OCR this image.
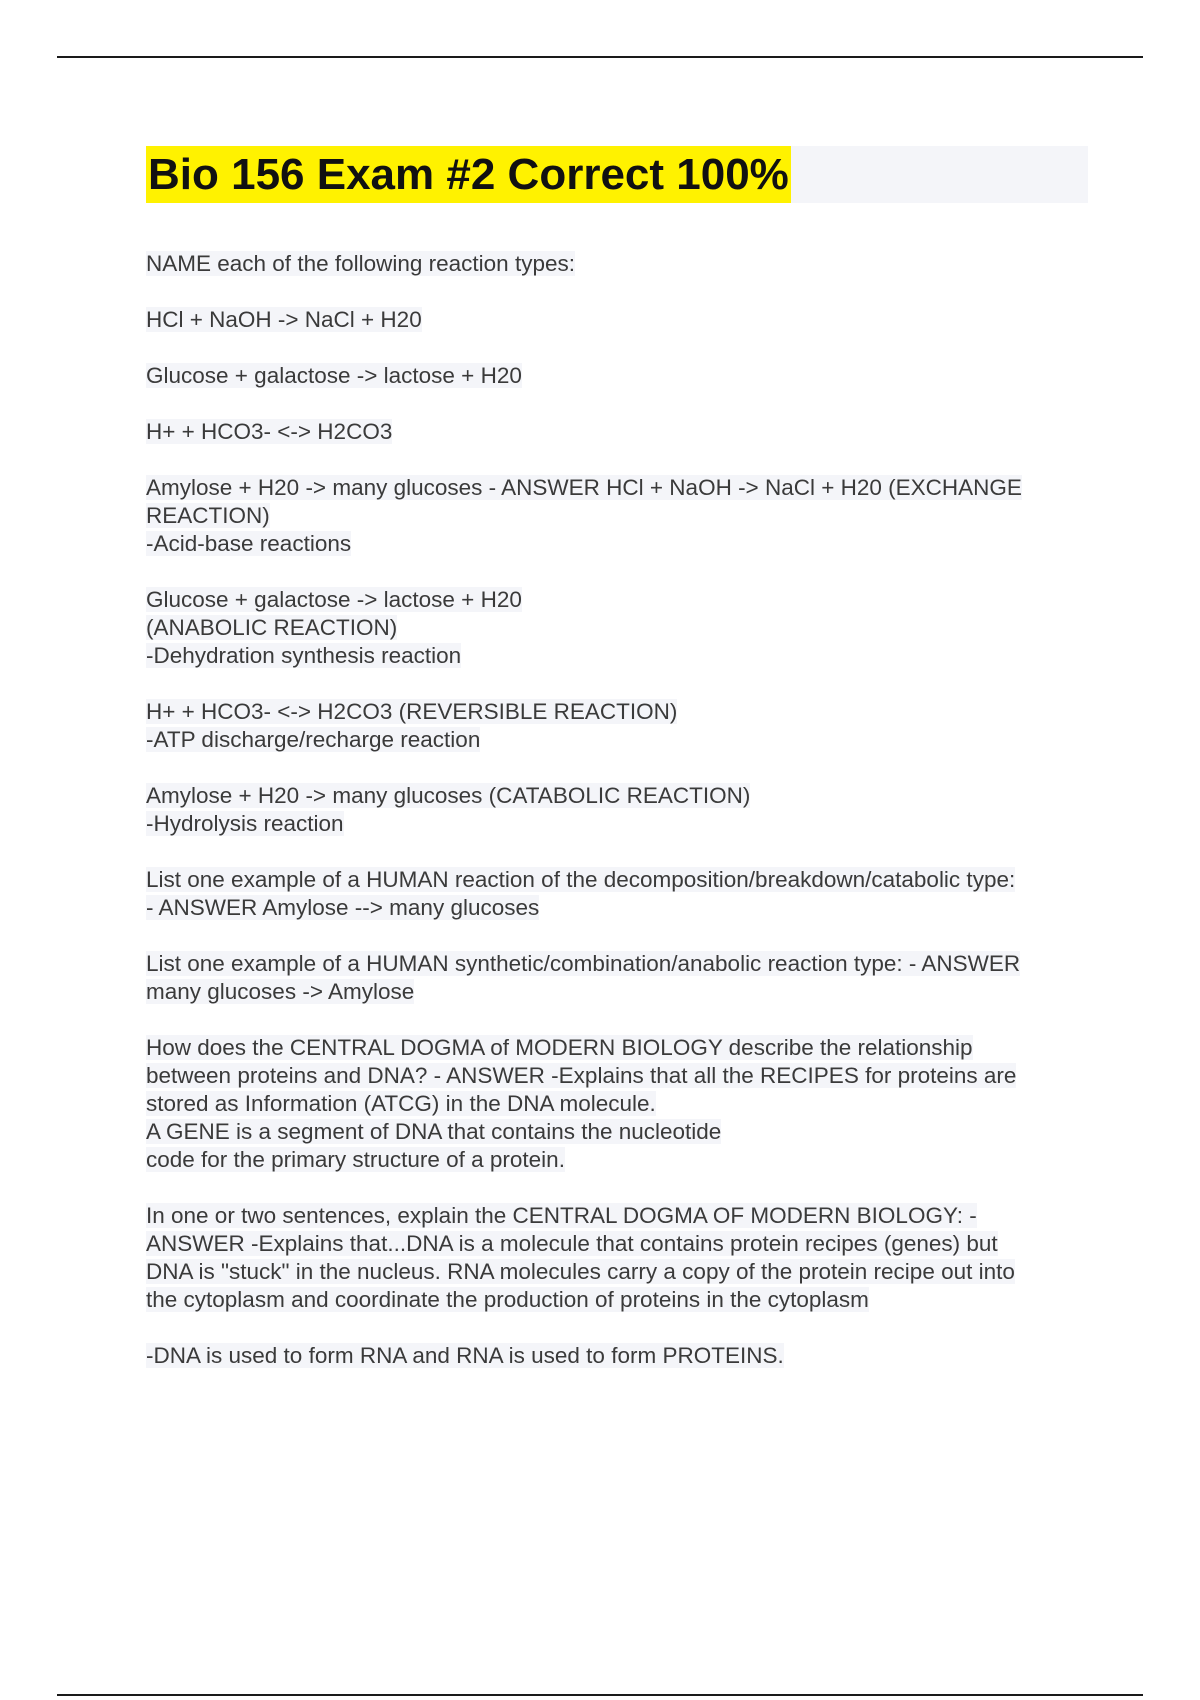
Bio 156 Exam #2 Correct 100%

NAME each of the following reaction types:

HCl + NaOH -> NaCl + H20

Glucose + galactose -> lactose + H20

H+ + HCO3- <-> H2CO3

Amylose + H20 -> many glucoses - ANSWER HCl + NaOH -> NaCl + H20 (EXCHANGE
REACTION)
-Acid-base reactions

Glucose + galactose -> lactose + H20
(ANABOLIC REACTION)
-Dehydration synthesis reaction

H+ + HCO3- <-> H2CO3 (REVERSIBLE REACTION)
-ATP discharge/recharge reaction

Amylose + H20 -> many glucoses (CATABOLIC REACTION)
-Hydrolysis reaction

List one example of a HUMAN reaction of the decomposition/breakdown/catabolic type:
- ANSWER Amylose --> many glucoses

List one example of a HUMAN synthetic/combination/anabolic reaction type: - ANSWER
many glucoses -> Amylose

How does the CENTRAL DOGMA of MODERN BIOLOGY describe the relationship
between proteins and DNA? - ANSWER -Explains that all the RECIPES for proteins are
stored as Information (ATCG) in the DNA molecule.
A GENE is a segment of DNA that contains the nucleotide
code for the primary structure of a protein.

In one or two sentences, explain the CENTRAL DOGMA OF MODERN BIOLOGY: -
ANSWER -Explains that...DNA is a molecule that contains protein recipes (genes) but
DNA is "stuck" in the nucleus. RNA molecules carry a copy of the protein recipe out into
the cytoplasm and coordinate the production of proteins in the cytoplasm

-DNA is used to form RNA and RNA is used to form PROTEINS.
